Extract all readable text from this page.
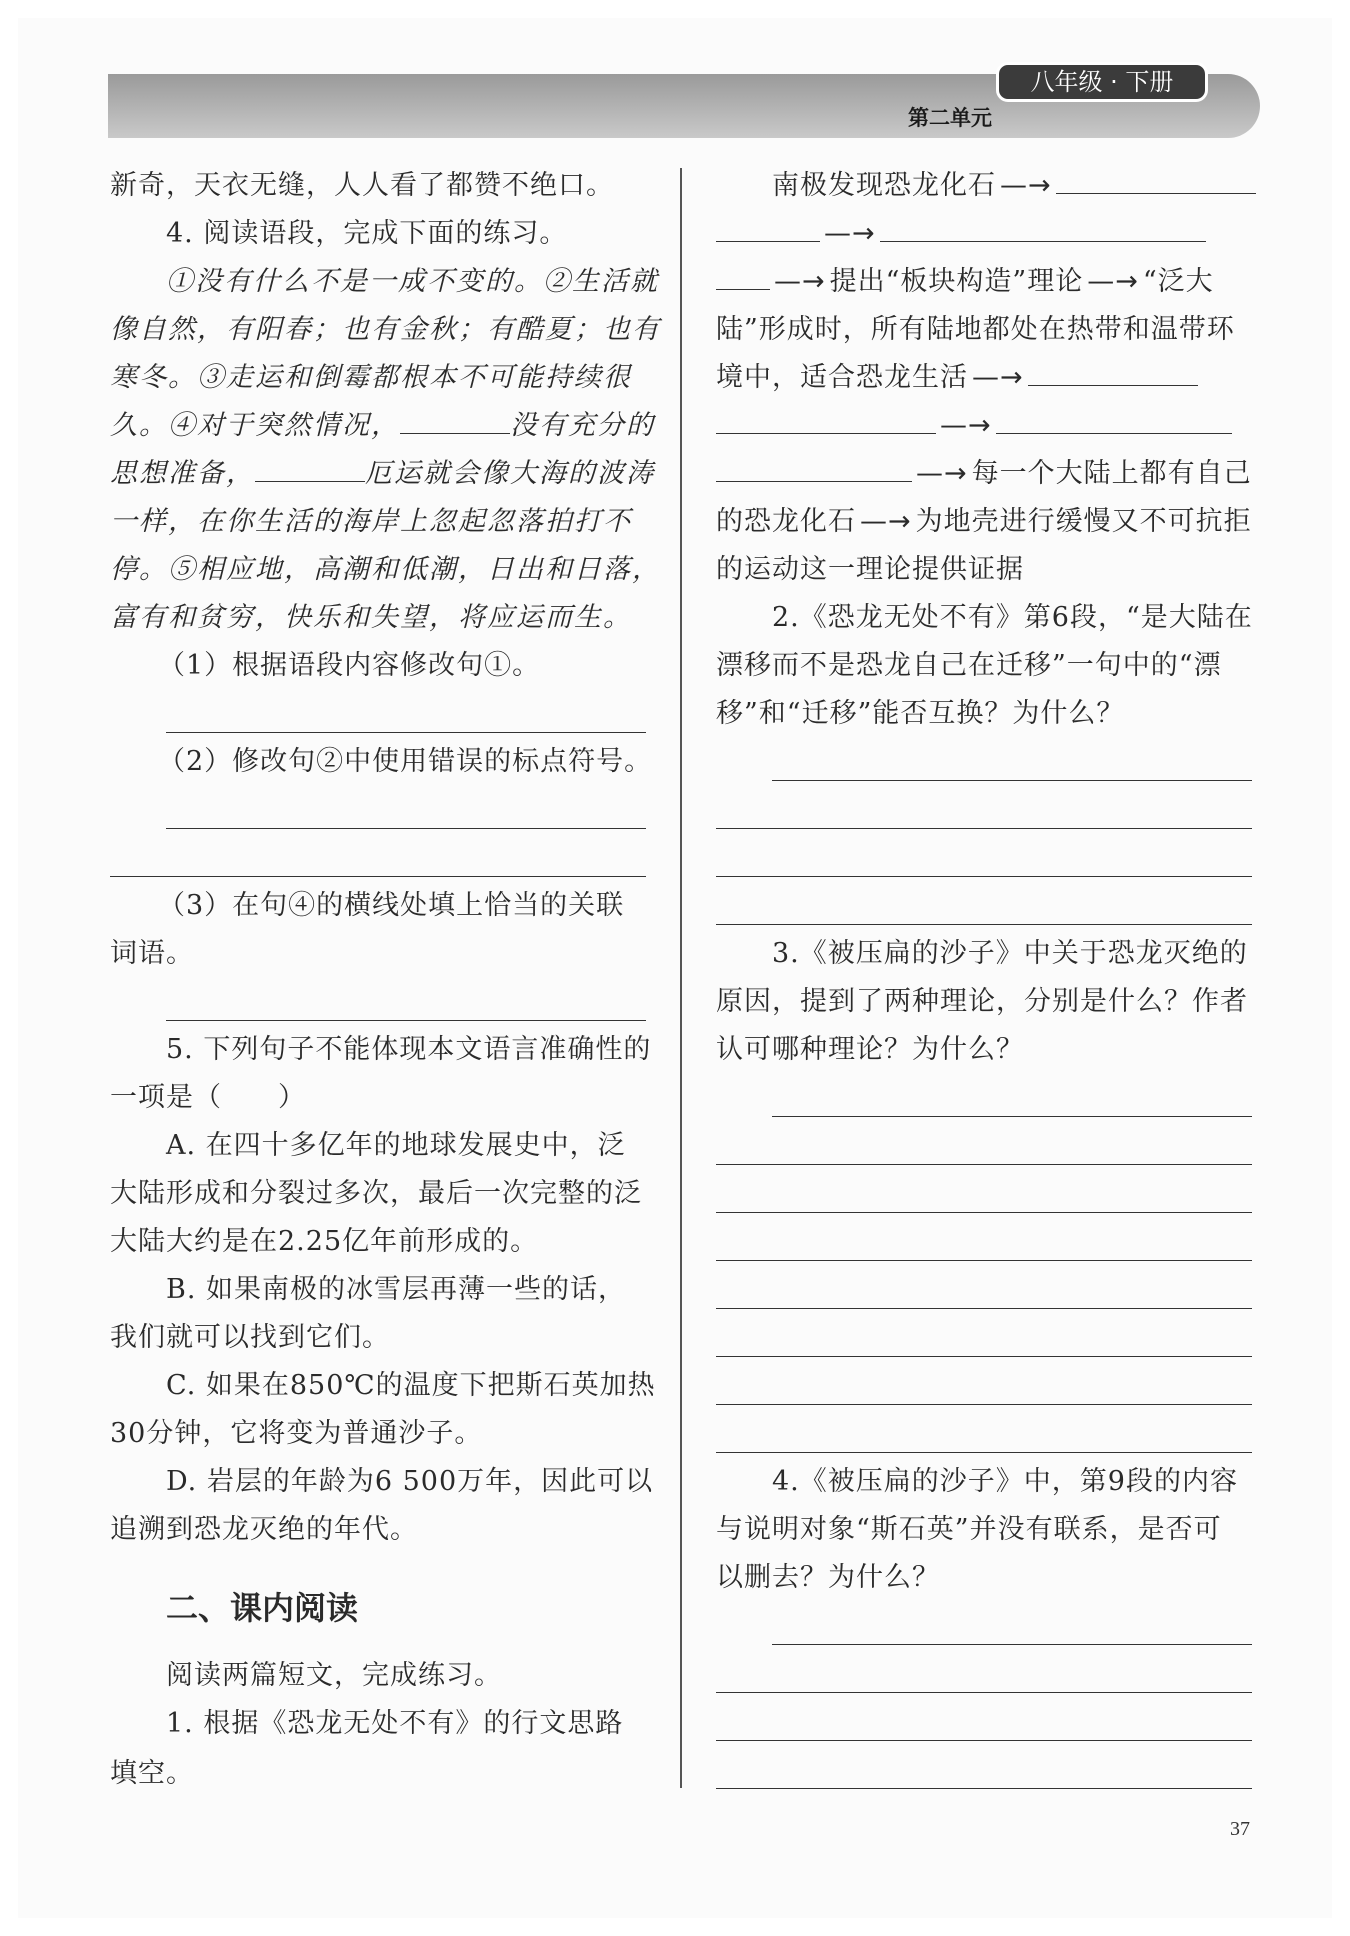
八年级 · 下册
第二单元
新奇，天衣无缝，人人看了都赞不绝口。
4. 阅读语段，完成下面的练习。
①没有什么不是一成不变的。②生活就
像自然，有阳春；也有金秋；有酷夏；也有
寒冬。③走运和倒霉都根本不可能持续很
久。④对于突然情况，	没有充分的
思想准备，	厄运就会像大海的波涛
一样，在你生活的海岸上忽起忽落拍打不
停。⑤相应地，高潮和低潮，日出和日落，
富有和贫穷，快乐和失望，将应运而生。
（1）根据语段内容修改句①。
（2）修改句②中使用错误的标点符号。
（3）在句④的横线处填上恰当的关联
词语。
5. 下列句子不能体现本文语言准确性的
一项是（　　）
A. 在四十多亿年的地球发展史中，泛
大陆形成和分裂过多次，最后一次完整的泛
大陆大约是在2.25亿年前形成的。
B. 如果南极的冰雪层再薄一些的话，
我们就可以找到它们。
C. 如果在850℃的温度下把斯石英加热
30分钟，它将变为普通沙子。
D. 岩层的年龄为6 500万年，因此可以
追溯到恐龙灭绝的年代。
二、课内阅读
阅读两篇短文，完成练习。
1. 根据《恐龙无处不有》的行文思路
填空。
南极发现恐龙化石 —→
—→
—→ 提出“板块构造”理论 —→ “泛大
陆”形成时，所有陆地都处在热带和温带环
境中，适合恐龙生活 —→
—→
—→ 每一个大陆上都有自己
的恐龙化石 —→ 为地壳进行缓慢又不可抗拒
的运动这一理论提供证据
2.《恐龙无处不有》第6段，“是大陆在
漂移而不是恐龙自己在迁移”一句中的“漂
移”和“迁移”能否互换？为什么？
3.《被压扁的沙子》中关于恐龙灭绝的
原因，提到了两种理论，分别是什么？作者
认可哪种理论？为什么？
4.《被压扁的沙子》中，第9段的内容
与说明对象“斯石英”并没有联系，是否可
以删去？为什么？
37
